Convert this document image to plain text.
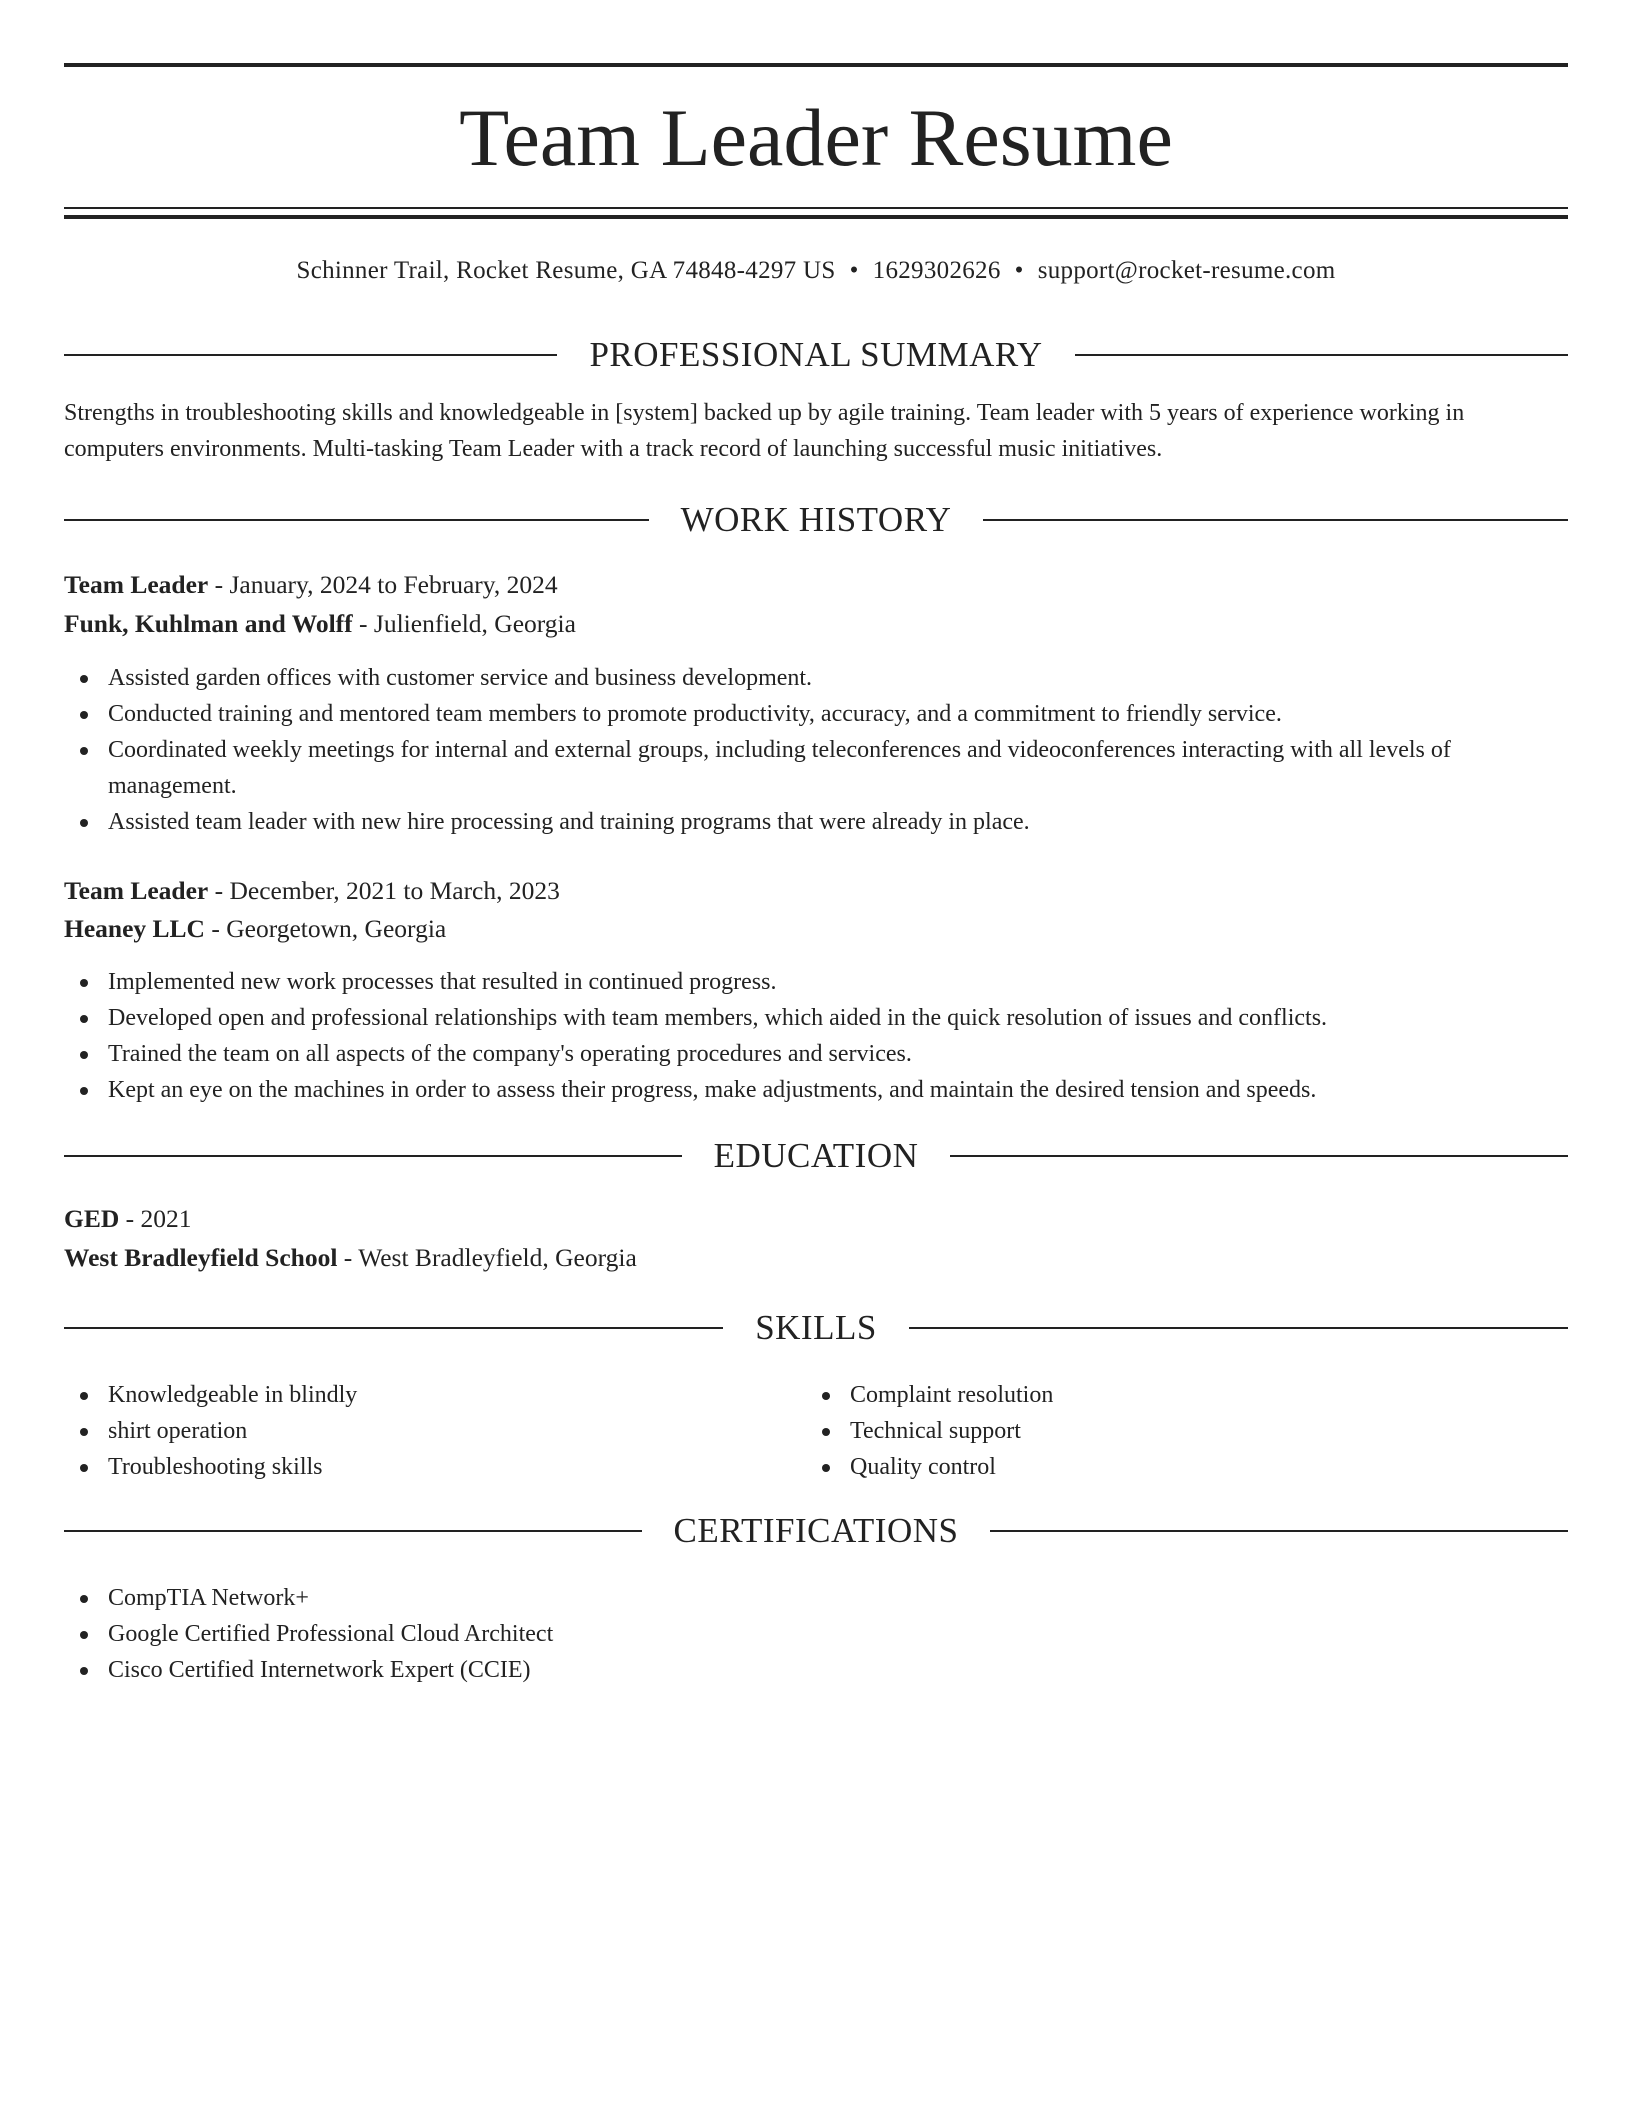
Team Leader Resume
Schinner Trail, Rocket Resume, GA 74848-4297 US • 1629302626 • support@rocket-resume.com
PROFESSIONAL SUMMARY

Strengths in troubleshooting skills and knowledgeable in [system] backed up by agile training. Team leader with 5 years of experience working in computers environments. Multi-tasking Team Leader with a track record of launching successful music initiatives.

WORK HISTORY
Team Leader - January, 2024 to February, 2024
Funk, Kuhlman and Wolff - Julienfield, Georgia
Assisted garden offices with customer service and business development.
Conducted training and mentored team members to promote productivity, accuracy, and a commitment to friendly service.
Coordinated weekly meetings for internal and external groups, including teleconferences and videoconferences interacting with all levels of management.
Assisted team leader with new hire processing and training programs that were already in place.
Team Leader - December, 2021 to March, 2023
Heaney LLC - Georgetown, Georgia
Implemented new work processes that resulted in continued progress.
Developed open and professional relationships with team members, which aided in the quick resolution of issues and conflicts.
Trained the team on all aspects of the company's operating procedures and services.
Kept an eye on the machines in order to assess their progress, make adjustments, and maintain the desired tension and speeds.
EDUCATION
GED - 2021
West Bradleyfield School - West Bradleyfield, Georgia
SKILLS
Knowledgeable in blindly
shirt operation
Troubleshooting skills
Complaint resolution
Technical support
Quality control
CERTIFICATIONS
CompTIA Network+
Google Certified Professional Cloud Architect
Cisco Certified Internetwork Expert (CCIE)
